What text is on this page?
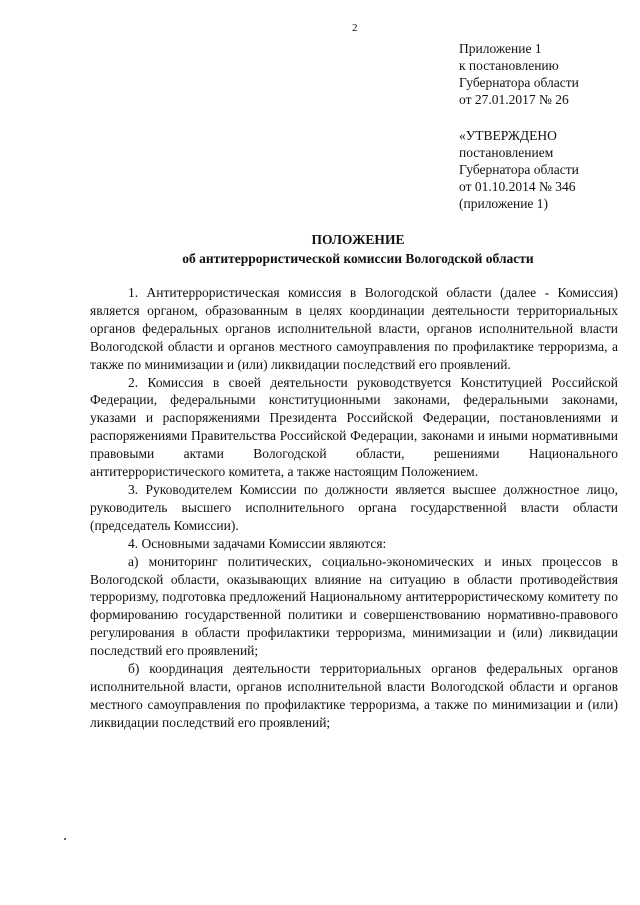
2
Приложение 1
к постановлению
Губернатора области
от 27.01.2017 № 26
«УТВЕРЖДЕНО
постановлением
Губернатора области
от 01.10.2014 № 346
(приложение 1)
ПОЛОЖЕНИЕ
об антитеррористической комиссии Вологодской области

1. Антитеррористическая комиссия в Вологодской области (далее - Комиссия) является органом, образованным в целях координации деятельности территориальных органов федеральных органов исполнительной власти, органов исполнительной власти Вологодской области и органов местного самоуправления по профилактике терроризма, а также по минимизации и (или) ликвидации последствий его проявлений.

2. Комиссия в своей деятельности руководствуется Конституцией Российской Федерации, федеральными конституционными законами, федеральными законами, указами и распоряжениями Президента Российской Федерации, постановлениями и распоряжениями Правительства Российской Федерации, законами и иными нормативными правовыми актами Вологодской области, решениями Национального антитеррористического комитета, а также настоящим Положением.

3. Руководителем Комиссии по должности является высшее должностное лицо, руководитель высшего исполнительного органа государственной власти области (председатель Комиссии).

4. Основными задачами Комиссии являются:

а) мониторинг политических, социально-экономических и иных процессов в Вологодской области, оказывающих влияние на ситуацию в области противодействия терроризму, подготовка предложений Национальному антитеррористическому комитету по формированию государственной политики и совершенствованию нормативно-правового регулирования в области профилактики терроризма, минимизации и (или) ликвидации последствий его проявлений;

б) координация деятельности территориальных органов федеральных органов исполнительной власти, органов исполнительной власти Вологодской области и органов местного самоуправления по профилактике терроризма, а также по минимизации и (или) ликвидации последствий его проявлений;
